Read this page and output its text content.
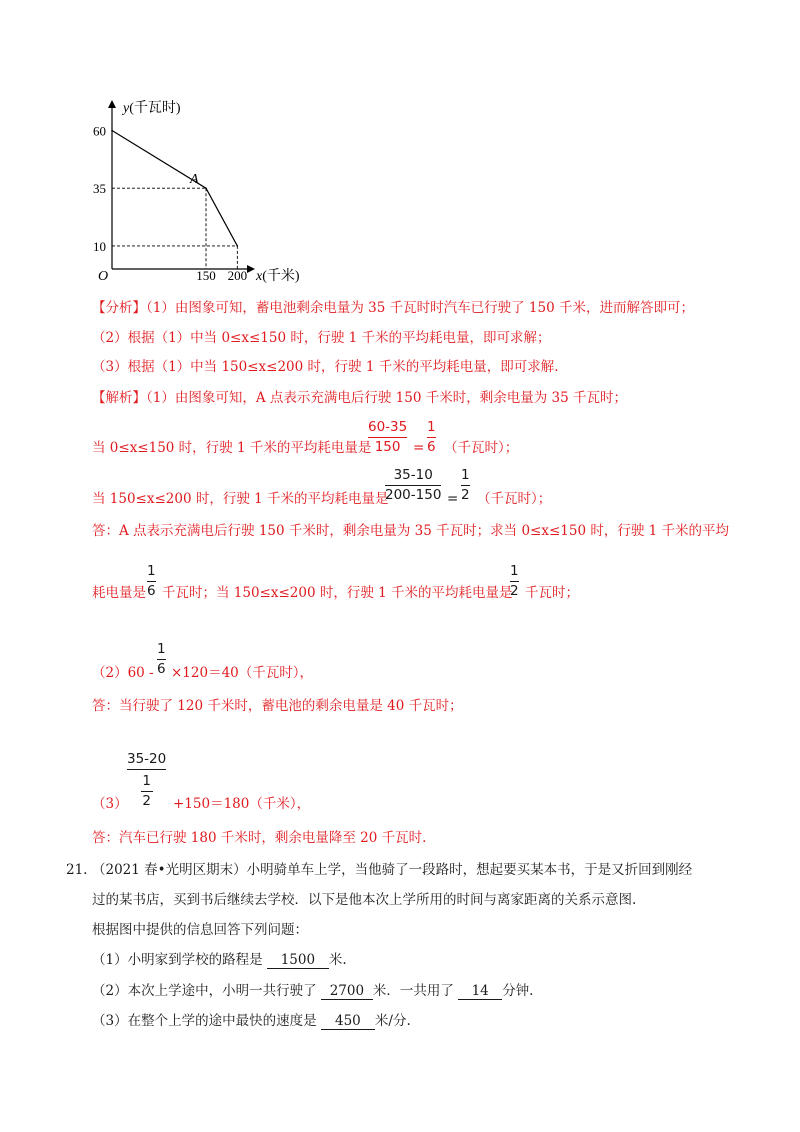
y(千瓦时)
x(千米)
O
A
60
35
10
150 200
【分析】（1）由图象可知，蓄电池剩余电量为 35 千瓦时时汽车已行驶了 150 千米，进而解答即可；
（2）根据（1）中当 0≤x≤150 时，行驶 1 千米的平均耗电量，即可求解；
（3）根据（1）中当 150≤x≤200 时，行驶 1 千米的平均耗电量，即可求解.
【解析】（1）由图象可知，A 点表示充满电后行驶 150 千米时，剩余电量为 35 千瓦时；
当 0≤x≤150 时，行驶 1 千米的平均耗电量是
60-35
150 =
1
6 （千瓦时）；
当 150≤x≤200 时，行驶 1 千米的平均耗电量是
35-10
200-150 =
1
2 （千瓦时）；
答：A 点表示充满电后行驶 150 千米时，剩余电量为 35 千瓦时；求当 0≤x≤150 时，行驶 1 千米的平均
耗电量是
1
6 千瓦时；当 150≤x≤200 时，行驶 1 千米的平均耗电量是
1
2 千瓦时；
（2）60 -
1
6 ×120＝40（千瓦时），
答：当行驶了 120 千米时，蓄电池的剩余电量是 40 千瓦时；
（3）
35-20
$\frac{1}{2} +150=180$（千米），
答：汽车已行驶 180 千米时，剩余电量降至 20 千瓦时.
21. （2021 春•光明区期末）小明骑单车上学，当他骑了一段路时，想起要买某本书，于是又折回到刚经
过的某书店，买到书后继续去学校．以下是他本次上学所用的时间与离家距离的关系示意图.
根据图中提供的信息回答下列问题：
（1）小明家到学校的路程是 1500 米.
（2）本次上学途中，小明一共行驶了 2700 米．一共用了 14 分钟.
（3）在整个上学的途中最快的速度是 450 米/分.
